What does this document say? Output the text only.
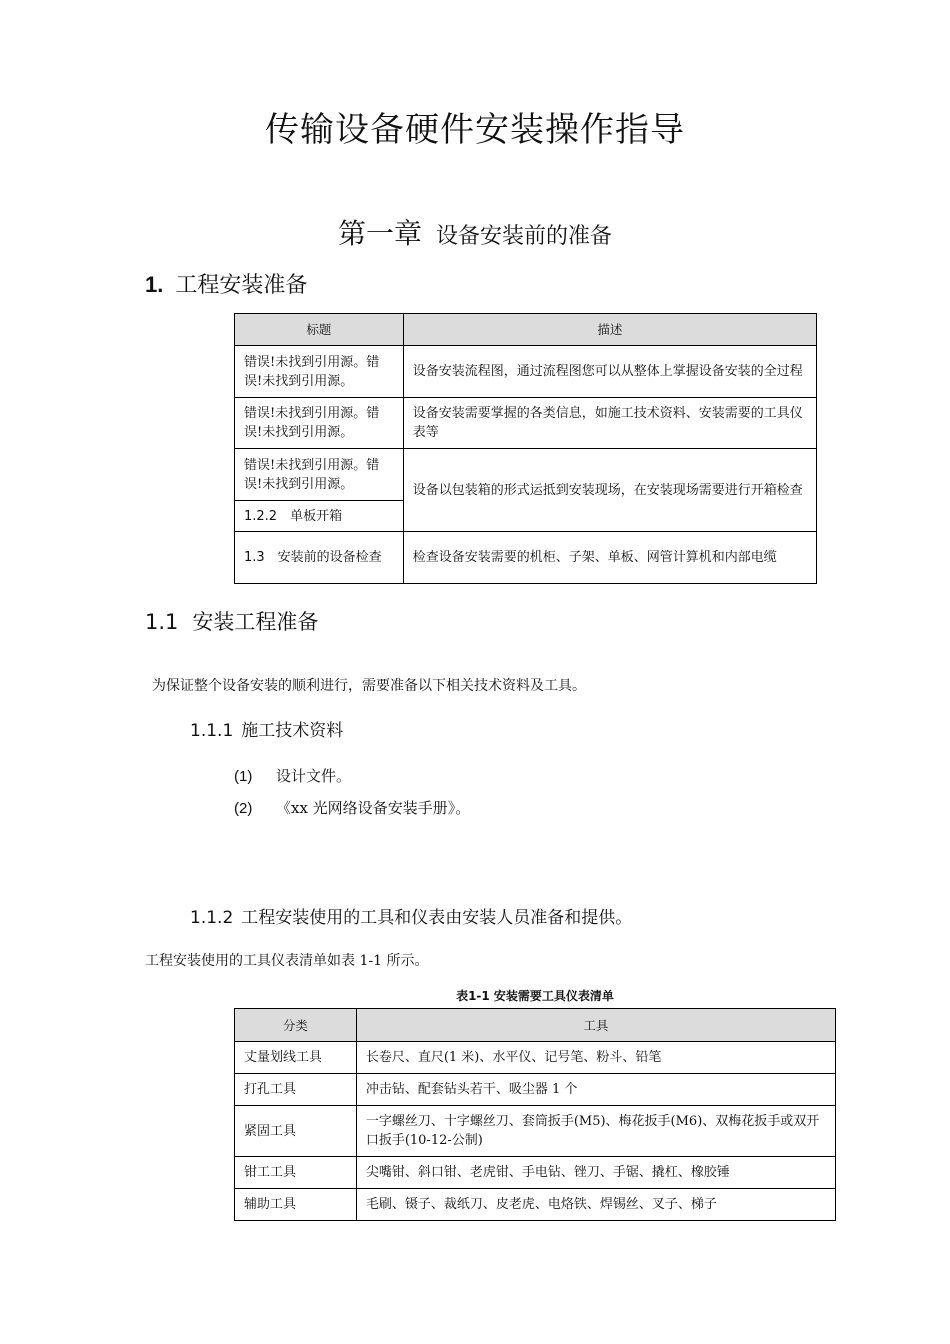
传输设备硬件安装操作指导
第一章 设备安装前的准备
1. 工程安装准备
标题	描述
错误!未找到引用源。错误!未找到引用源。	设备安装流程图，通过流程图您可以从整体上掌握设备安装的全过程
错误!未找到引用源。错误!未找到引用源。	设备安装需要掌握的各类信息，如施工技术资料、安装需要的工具仪表等
错误!未找到引用源。错误!未找到引用源。	设备以包装箱的形式运抵到安装现场，在安装现场需要进行开箱检查
1.2.2　单板开箱	
1.3　安装前的设备检查	检查设备安装需要的机柜、子架、单板、网管计算机和内部电缆
1.1 安装工程准备
为保证整个设备安装的顺利进行，需要准备以下相关技术资料及工具。
1.1.1 施工技术资料
(1) 设计文件。
(2) 《xx 光网络设备安装手册》。
1.1.2 工程安装使用的工具和仪表由安装人员准备和提供。
工程安装使用的工具仪表清单如表 1-1 所示。
表1-1 安装需要工具仪表清单
分类	工具
丈量划线工具	长卷尺、直尺(1 米)、水平仪、记号笔、粉斗、铅笔
打孔工具	冲击钻、配套钻头若干、吸尘器 1 个
紧固工具	一字螺丝刀、十字螺丝刀、套筒扳手(M5)、梅花扳手(M6)、双梅花扳手或双开口扳手(10-12-公制)
钳工工具	尖嘴钳、斜口钳、老虎钳、手电钻、锉刀、手锯、撬杠、橡胶锤
辅助工具	毛刷、镊子、裁纸刀、皮老虎、电烙铁、焊锡丝、叉子、梯子
